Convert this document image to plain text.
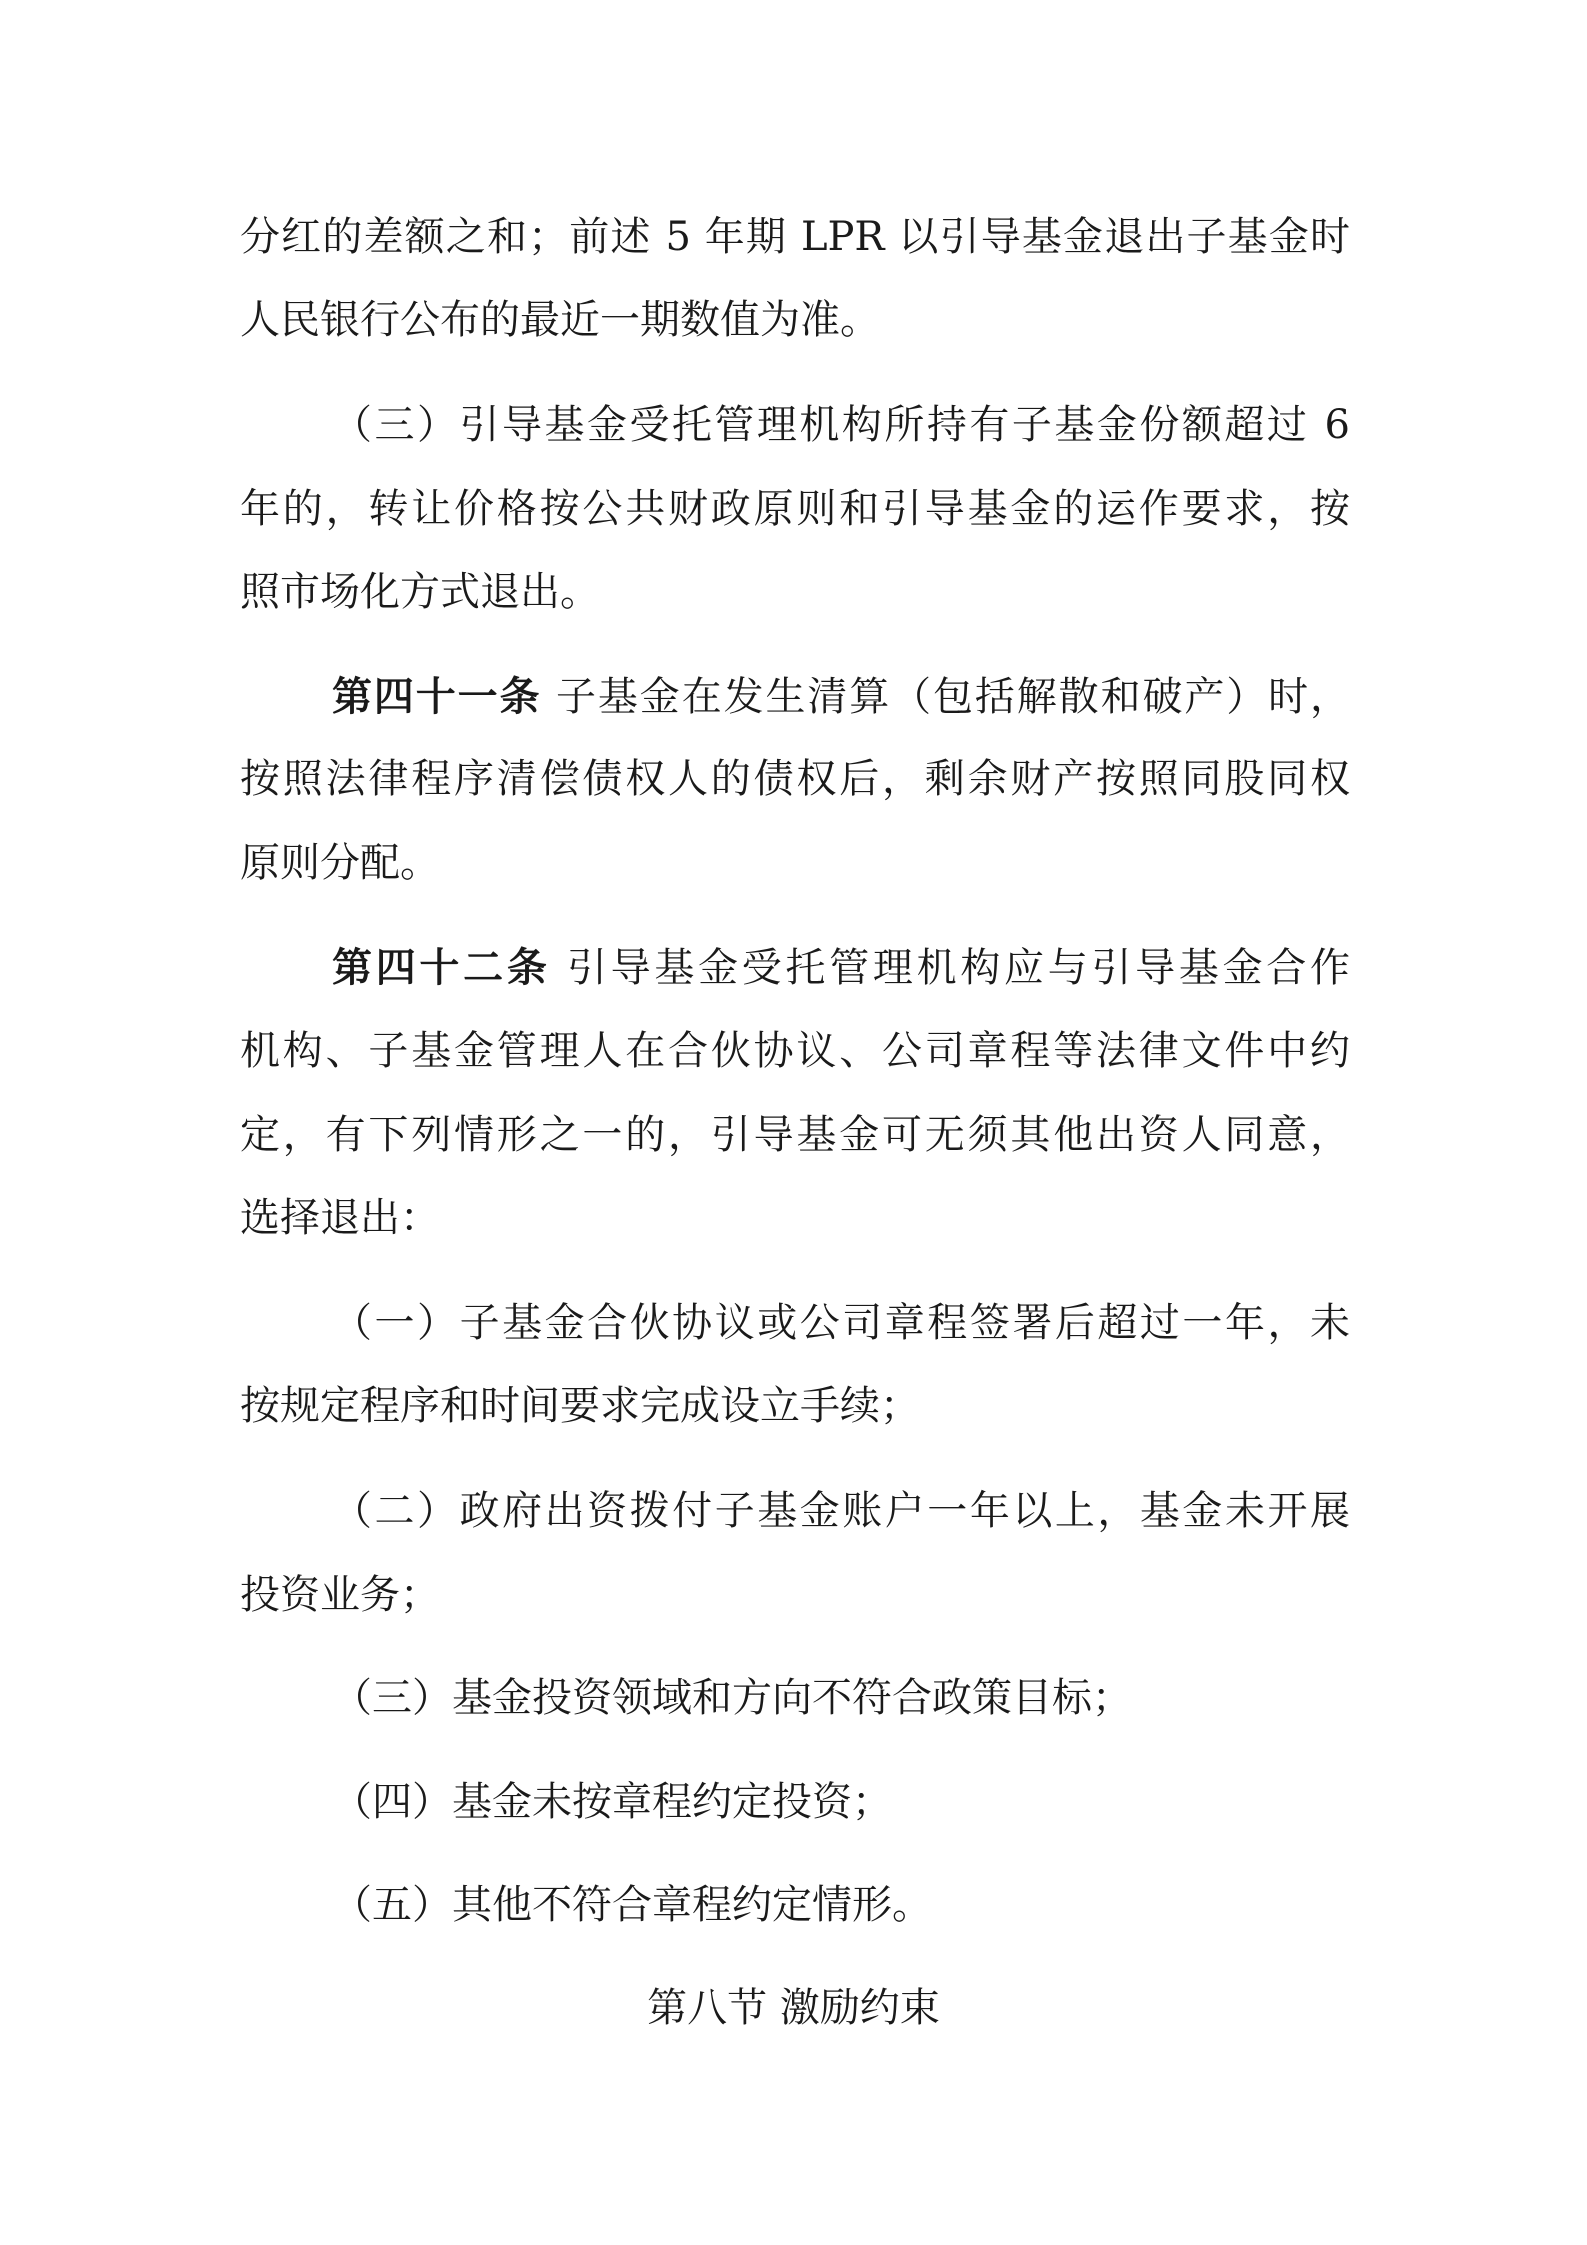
分红的差额之和；前述 5 年期 LPR 以引导基金退出子基金时
人民银行公布的最近一期数值为准。
（三）引导基金受托管理机构所持有子基金份额超过 6
年的，转让价格按公共财政原则和引导基金的运作要求，按
照市场化方式退出。
第四十一条 子基金在发生清算（包括解散和破产）时，
按照法律程序清偿债权人的债权后，剩余财产按照同股同权
原则分配。
第四十二条 引导基金受托管理机构应与引导基金合作
机构、子基金管理人在合伙协议、公司章程等法律文件中约
定，有下列情形之一的，引导基金可无须其他出资人同意，
选择退出：
（一）子基金合伙协议或公司章程签署后超过一年，未
按规定程序和时间要求完成设立手续；
（二）政府出资拨付子基金账户一年以上，基金未开展
投资业务；
（三）基金投资领域和方向不符合政策目标；
（四）基金未按章程约定投资；
（五）其他不符合章程约定情形。
第八节 激励约束
